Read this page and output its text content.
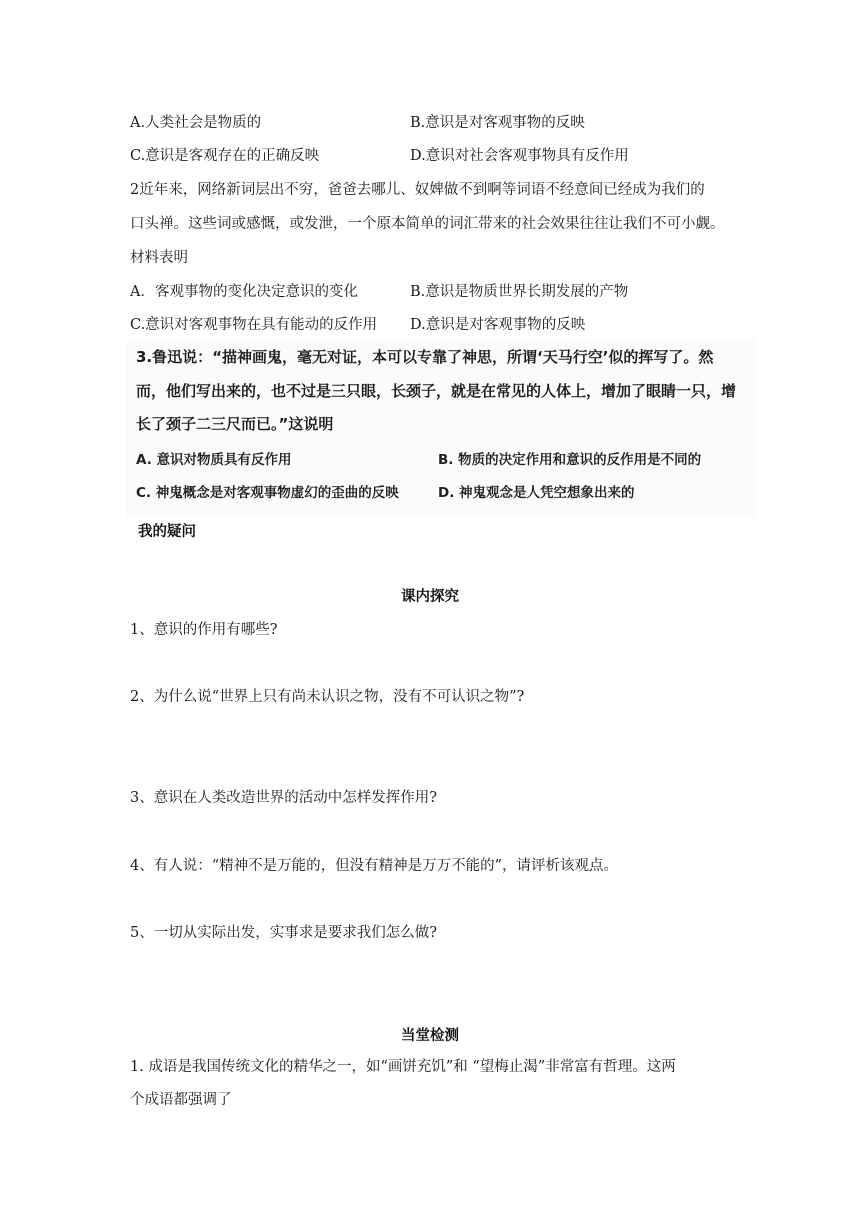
A.人类社会是物质的	B.意识是对客观事物的反映
C.意识是客观存在的正确反映	D.意识对社会客观事物具有反作用
2近年来，网络新词层出不穷，爸爸去哪儿、奴婢做不到啊等词语不经意间已经成为我们的
口头禅。这些词或感慨，或发泄，一个原本简单的词汇带来的社会效果往往让我们不可小觑。
材料表明
A．客观事物的变化决定意识的变化	B.意识是物质世界长期发展的产物
C.意识对客观事物在具有能动的反作用 D.意识是对客观事物的反映
3.鲁迅说：“描神画鬼，毫无对证，本可以专靠了神思，所谓‘天马行空’似的挥写了。然
而，他们写出来的，也不过是三只眼，长颈子，就是在常见的人体上，增加了眼睛一只，增
长了颈子二三尺而已。”这说明
A. 意识对物质具有反作用	B. 物质的决定作用和意识的反作用是不同的
C. 神鬼概念是对客观事物虚幻的歪曲的反映	D. 神鬼观念是人凭空想象出来的
我的疑问
课内探究
1、意识的作用有哪些?
2、为什么说“世界上只有尚未认识之物，没有不可认识之物”?
3、意识在人类改造世界的活动中怎样发挥作用?
4、有人说：“精神不是万能的，但没有精神是万万不能的”，请评析该观点。
5、一切从实际出发，实事求是要求我们怎么做?
当堂检测
1. 成语是我国传统文化的精华之一，如“画饼充饥”和 “望梅止渴”非常富有哲理。这两
个成语都强调了
